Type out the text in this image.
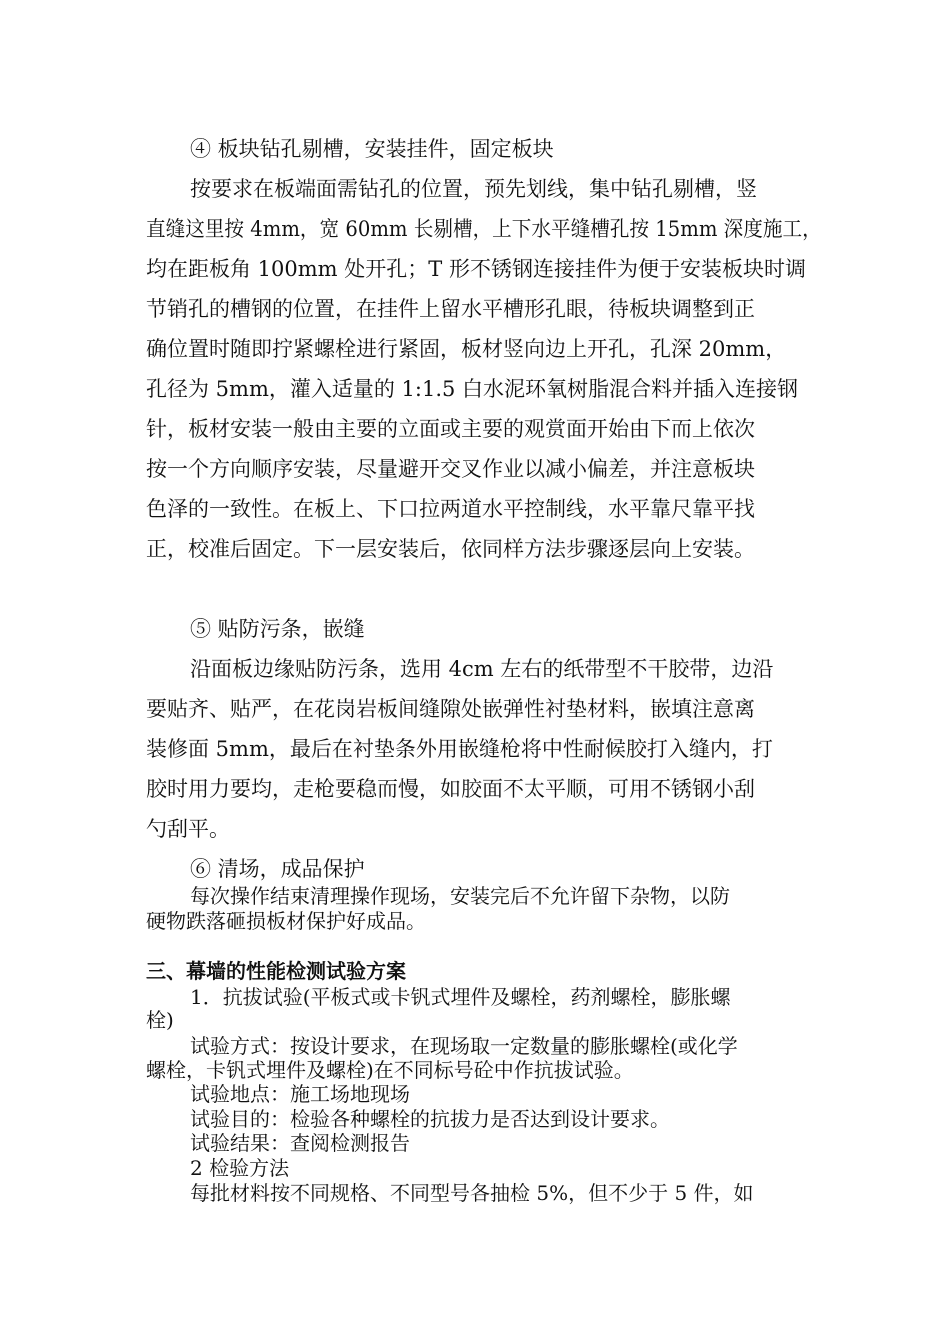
④ 板块钻孔剔槽，安装挂件，固定板块
按要求在板端面需钻孔的位置，预先划线，集中钻孔剔槽，竖
直缝这里按 4mm，宽 60mm 长剔槽，上下水平缝槽孔按 15mm 深度施工，
均在距板角 100mm 处开孔；T 形不锈钢连接挂件为便于安装板块时调
节销孔的槽钢的位置，在挂件上留水平槽形孔眼，待板块调整到正
确位置时随即拧紧螺栓进行紧固，板材竖向边上开孔，孔深 20mm，
孔径为 5mm，灌入适量的 1:1.5 白水泥环氧树脂混合料并插入连接钢
针，板材安装一般由主要的立面或主要的观赏面开始由下而上依次
按一个方向顺序安装，尽量避开交叉作业以减小偏差，并注意板块
色泽的一致性。在板上、下口拉两道水平控制线，水平靠尺靠平找
正，校准后固定。下一层安装后，依同样方法步骤逐层向上安装。
⑤ 贴防污条，嵌缝
沿面板边缘贴防污条，选用 4cm 左右的纸带型不干胶带，边沿
要贴齐、贴严，在花岗岩板间缝隙处嵌弹性衬垫材料，嵌填注意离
装修面 5mm，最后在衬垫条外用嵌缝枪将中性耐候胶打入缝内，打
胶时用力要均，走枪要稳而慢，如胶面不太平顺，可用不锈钢小刮
勺刮平。
⑥ 清场，成品保护
每次操作结束清理操作现场，安装完后不允许留下杂物，以防
硬物跌落砸损板材保护好成品。
三、幕墙的性能检测试验方案
1．抗拔试验(平板式或卡钒式埋件及螺栓，药剂螺栓，膨胀螺
栓)
试验方式：按设计要求，在现场取一定数量的膨胀螺栓(或化学
螺栓，卡钒式埋件及螺栓)在不同标号砼中作抗拔试验。
试验地点：施工场地现场
试验目的：检验各种螺栓的抗拔力是否达到设计要求。
试验结果：查阅检测报告
2 检验方法
每批材料按不同规格、不同型号各抽检 5%，但不少于 5 件，如
